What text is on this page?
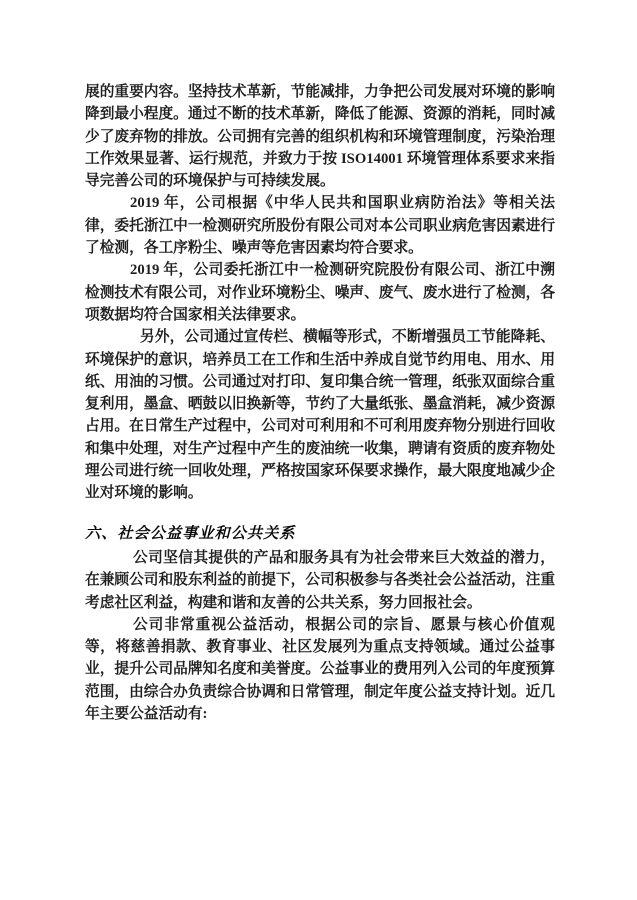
展的重要内容。坚持技术革新，节能减排，力争把公司发展对环境的影响降到最小程度。通过不断的技术革新，降低了能源、资源的消耗，同时减少了废弃物的排放。公司拥有完善的组织机构和环境管理制度，污染治理工作效果显著、运行规范，并致力于按 ISO14001 环境管理体系要求来指导完善公司的环境保护与可持续发展。

2019 年，公司根据《中华人民共和国职业病防治法》等相关法律，委托浙江中一检测研究所股份有限公司对本公司职业病危害因素进行了检测，各工序粉尘、噪声等危害因素均符合要求。

2019 年，公司委托浙江中一检测研究院股份有限公司、浙江中溯检测技术有限公司，对作业环境粉尘、噪声、废气、废水进行了检测，各项数据均符合国家相关法律要求。

另外，公司通过宣传栏、横幅等形式，不断增强员工节能降耗、环境保护的意识，培养员工在工作和生活中养成自觉节约用电、用水、用纸、用油的习惯。公司通过对打印、复印集合统一管理，纸张双面综合重复利用，墨盒、晒鼓以旧换新等，节约了大量纸张、墨盒消耗，减少资源占用。在日常生产过程中，公司对可利用和不可利用废弃物分别进行回收和集中处理，对生产过程中产生的废油统一收集，聘请有资质的废弃物处理公司进行统一回收处理，严格按国家环保要求操作，最大限度地减少企业对环境的影响。

六、社会公益事业和公共关系

公司坚信其提供的产品和服务具有为社会带来巨大效益的潜力，在兼顾公司和股东利益的前提下，公司积极参与各类社会公益活动，注重考虑社区利益，构建和谐和友善的公共关系，努力回报社会。

公司非常重视公益活动，根据公司的宗旨、愿景与核心价值观等，将慈善捐款、教育事业、社区发展列为重点支持领域。通过公益事业，提升公司品牌知名度和美誉度。公益事业的费用列入公司的年度预算范围，由综合办负责综合协调和日常管理，制定年度公益支持计划。近几年主要公益活动有:
